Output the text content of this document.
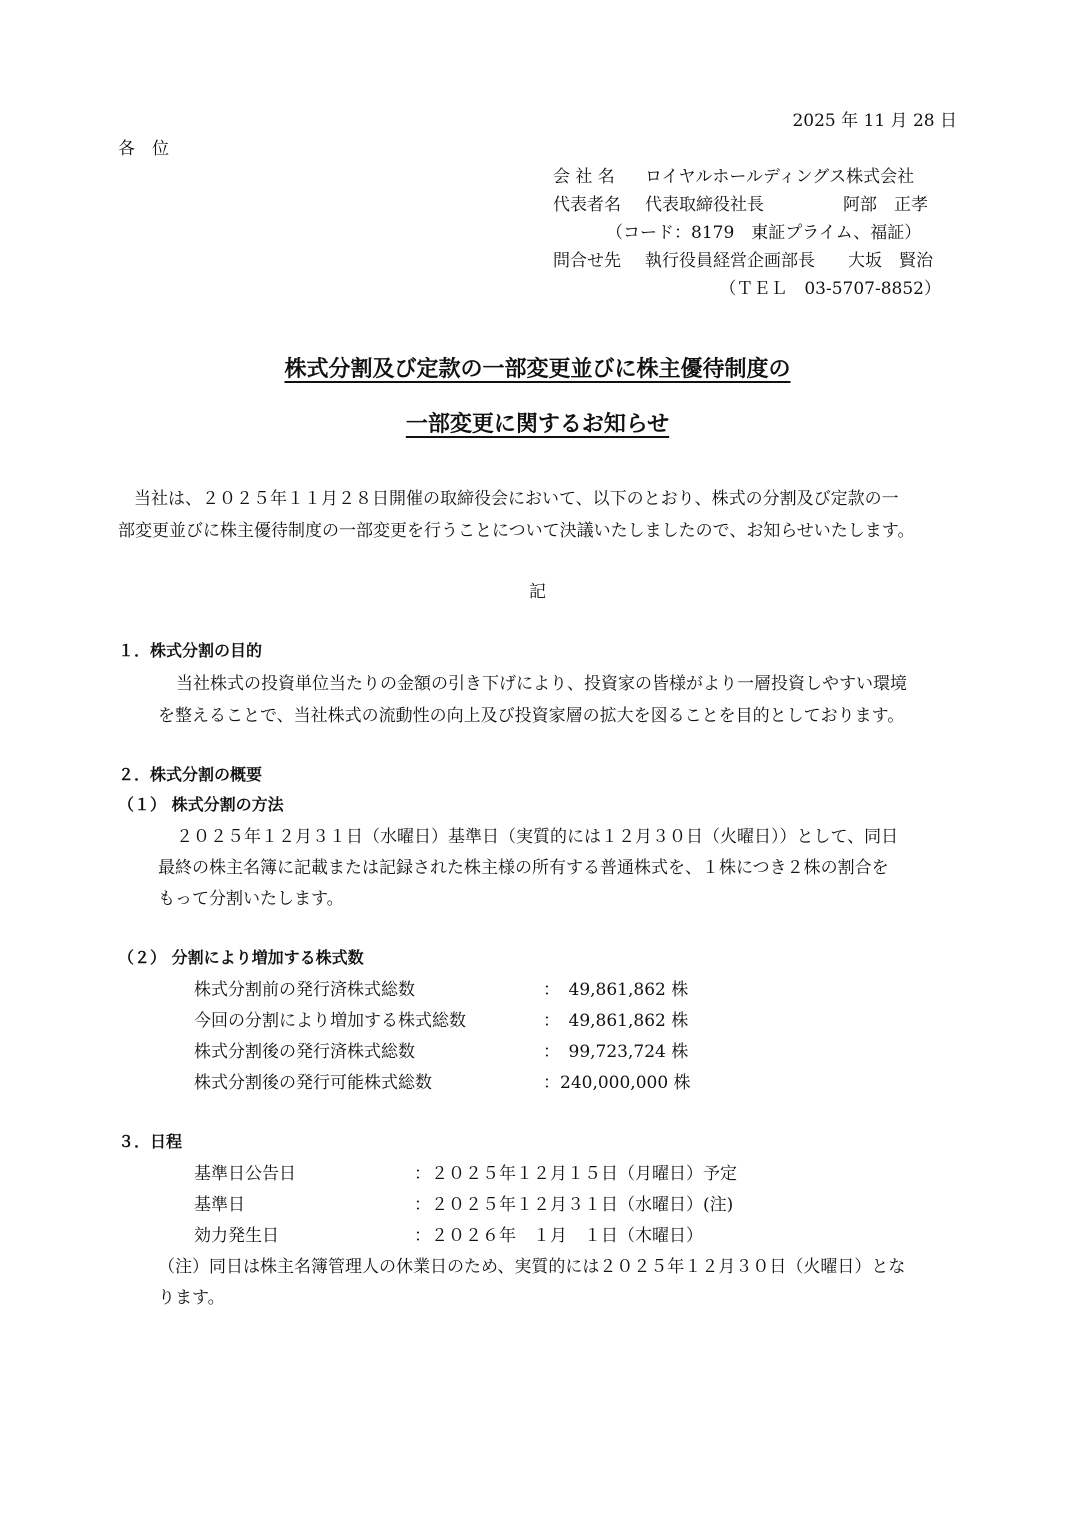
2025 年 11 月 28 日
各　位
会 社 名 ロイヤルホールディングス株式会社
代表者名 代表取締役社長	阿部　正孝
（コード：8179　東証プライム、福証）
問合せ先 執行役員経営企画部長 大坂　賢治
（ＴＥＬ　03-5707-8852）
株式分割及び定款の一部変更並びに株主優待制度の
一部変更に関するお知らせ
当社は、２０２５年１１月２８日開催の取締役会において、以下のとおり、株式の分割及び定款の一
部変更並びに株主優待制度の一部変更を行うことについて決議いたしましたので、お知らせいたします。
記
１．株式分割の目的
当社株式の投資単位当たりの金額の引き下げにより、投資家の皆様がより一層投資しやすい環境
を整えることで、当社株式の流動性の向上及び投資家層の拡大を図ることを目的としております。
２．株式分割の概要
（１） 株式分割の方法
２０２５年１２月３１日（水曜日）基準日（実質的には１２月３０日（火曜日））として、同日
最終の株主名簿に記載または記録された株主様の所有する普通株式を、１株につき２株の割合を
もって分割いたします。
（２） 分割により増加する株式数
株式分割前の発行済株式総数	：　49,861,862 株
今回の分割により増加する株式総数	：　49,861,862 株
株式分割後の発行済株式総数	：　99,723,724 株
株式分割後の発行可能株式総数	：240,000,000 株
３．日程
基準日公告日	：２０２５年１２月１５日（月曜日）予定
基準日	：２０２５年１２月３１日（水曜日）(注)
効力発生日	：２０２６年　１月　１日（木曜日）
（注）同日は株主名簿管理人の休業日のため、実質的には２０２５年１２月３０日（火曜日）とな
ります。
